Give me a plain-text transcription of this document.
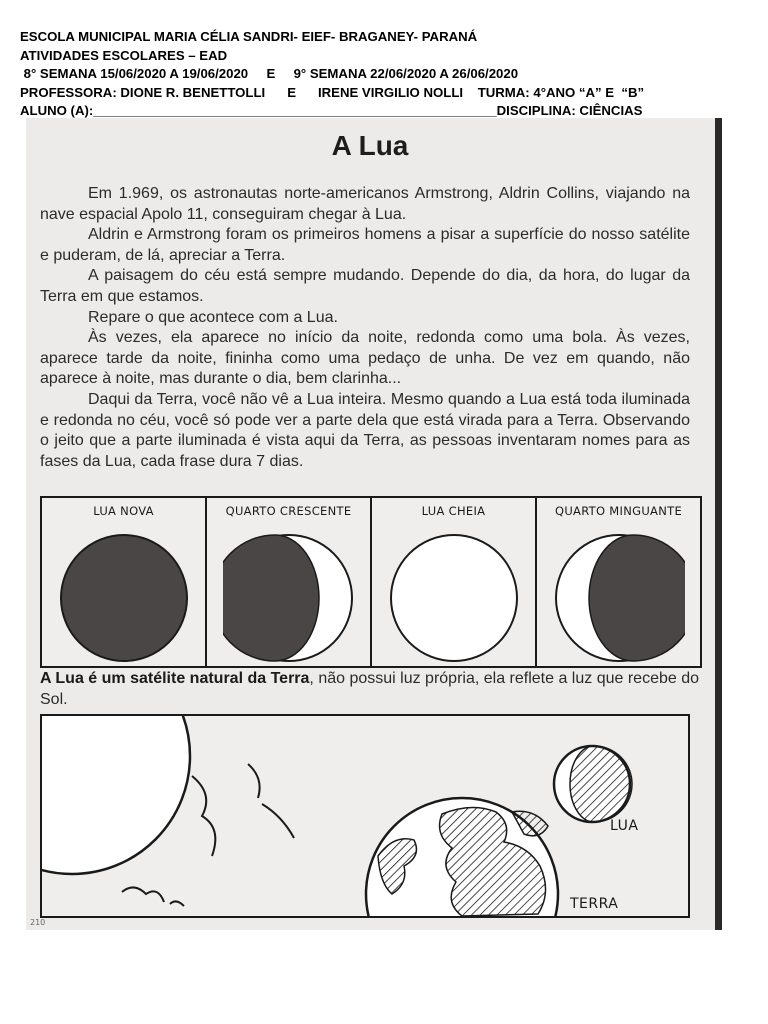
ESCOLA MUNICIPAL MARIA CÉLIA SANDRI- EIEF- BRAGANEY- PARANÁ
ATIVIDADES ESCOLARES – EAD
8° SEMANA 15/06/2020 A 19/06/2020     E     9° SEMANA 22/06/2020 A 26/06/2020
PROFESSORA: DIONE R. BENETTOLLI      E      IRENE VIRGILIO NOLLI    TURMA: 4°ANO “A” E  “B”
ALUNO (A):_______________________________________________________DISCIPLINA: CIÊNCIAS
A Lua

Em 1.969, os astronautas norte-americanos Armstrong, Aldrin Collins, viajando na nave espacial Apolo 11, conseguiram chegar à Lua.

Aldrin e Armstrong foram os primeiros homens a pisar a superfície do nosso satélite e puderam, de lá, apreciar a Terra.

A paisagem do céu está sempre mudando. Depende do dia, da hora, do lugar da Terra em que estamos.

Repare o que acontece com a Lua.

Às vezes, ela aparece no início da noite, redonda como uma bola. Às vezes, aparece tarde da noite, fininha como uma pedaço de unha. De vez em quando, não aparece à noite, mas durante o dia, bem clarinha...

Daqui da Terra, você não vê a Lua inteira. Mesmo quando a Lua está toda iluminada e redonda no céu, você só pode ver a parte dela que está virada para a Terra. Observando o jeito que a parte iluminada é vista aqui da Terra, as pessoas inventaram nomes para as fases da Lua, cada frase dura 7 dias.

LUA NOVA	QUARTO CRESCENTE	LUA CHEIA	QUARTO MINGUANTE
A Lua é um satélite natural da Terra, não possui luz própria, ela reflete a luz que recebe do Sol.
LUA
TERRA
210
